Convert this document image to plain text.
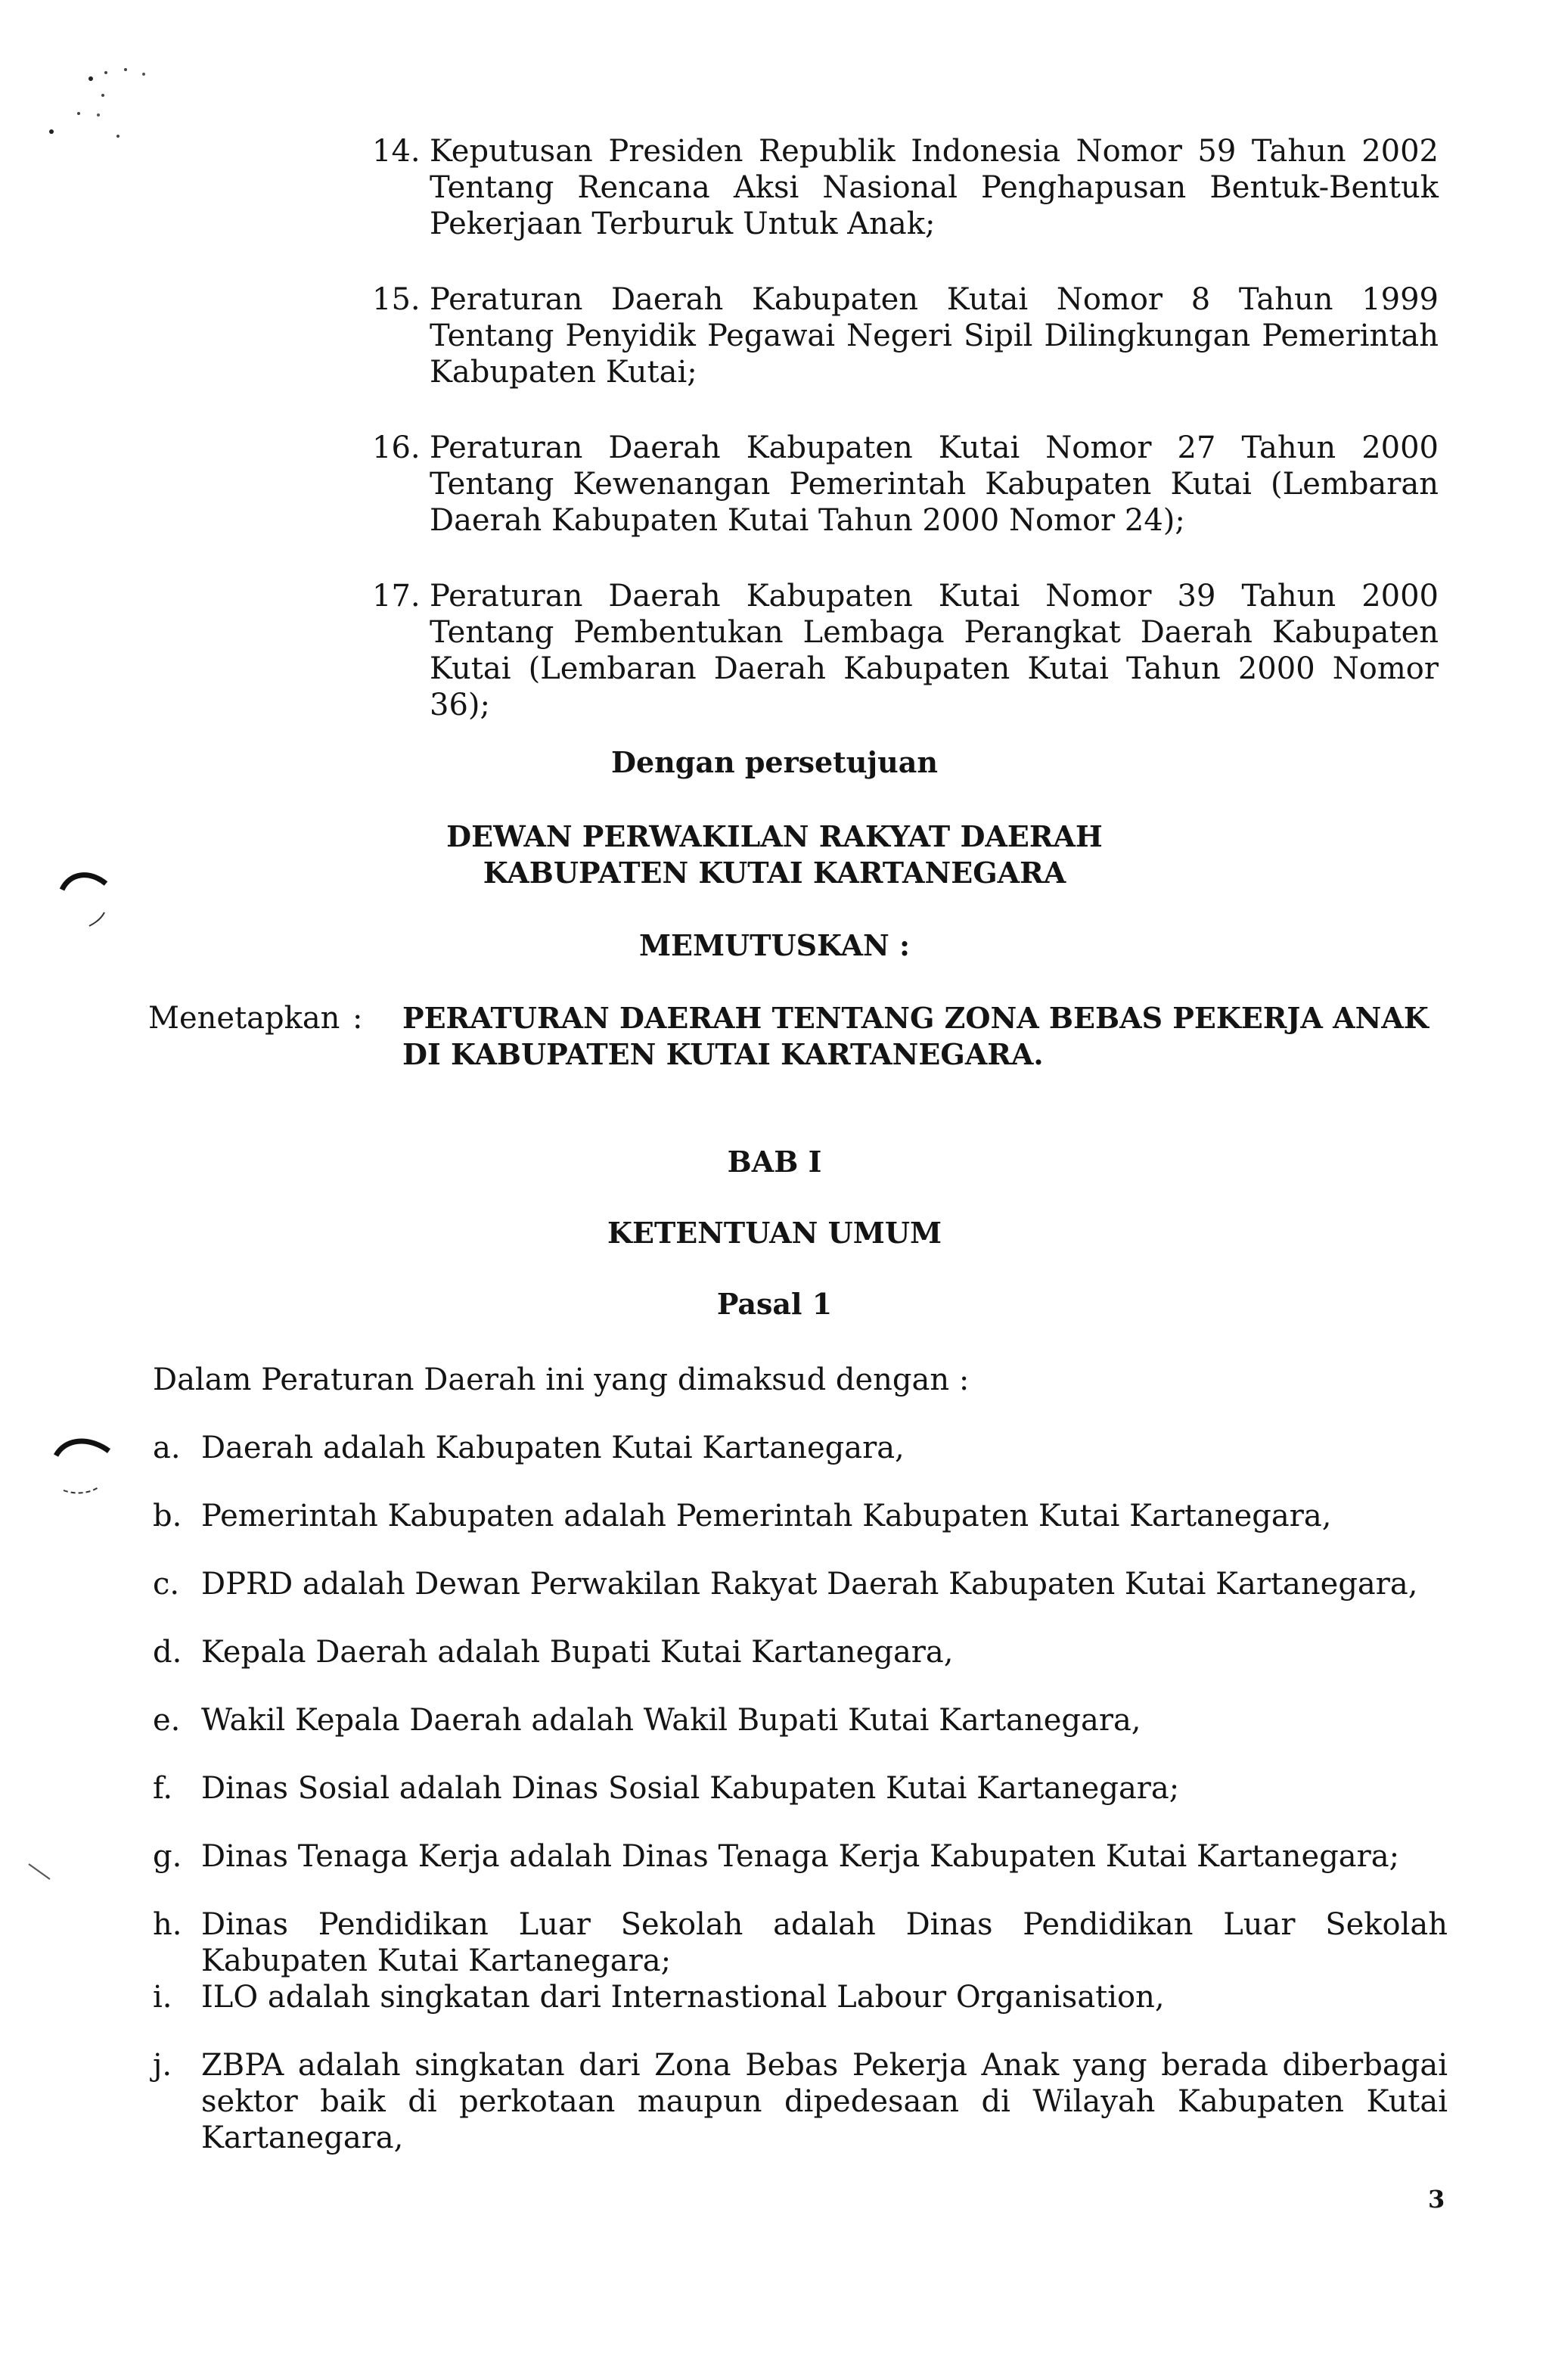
14. Keputusan Presiden Republik Indonesia Nomor 59 Tahun 2002 Tentang Rencana Aksi Nasional Penghapusan Bentuk-Bentuk Pekerjaan Terburuk Untuk Anak;
15. Peraturan Daerah Kabupaten Kutai Nomor 8 Tahun 1999 Tentang Penyidik Pegawai Negeri Sipil Dilingkungan Pemerintah Kabupaten Kutai;
16. Peraturan Daerah Kabupaten Kutai Nomor 27 Tahun 2000 Tentang Kewenangan Pemerintah Kabupaten Kutai (Lembaran Daerah Kabupaten Kutai Tahun 2000 Nomor 24);
17. Peraturan Daerah Kabupaten Kutai Nomor 39 Tahun 2000 Tentang Pembentukan Lembaga Perangkat Daerah Kabupaten Kutai (Lembaran Daerah Kabupaten Kutai Tahun 2000 Nomor 36);
Dengan persetujuan
DEWAN PERWAKILAN RAKYAT DAERAH
KABUPATEN KUTAI KARTANEGARA
MEMUTUSKAN :
Menetapkan :	PERATURAN DAERAH TENTANG ZONA BEBAS PEKERJA ANAK
DI KABUPATEN KUTAI KARTANEGARA.
BAB I
KETENTUAN UMUM
Pasal 1
Dalam Peraturan Daerah ini yang dimaksud dengan :
a. Daerah adalah Kabupaten Kutai Kartanegara,
b. Pemerintah Kabupaten adalah Pemerintah Kabupaten Kutai Kartanegara,
c. DPRD adalah Dewan Perwakilan Rakyat Daerah Kabupaten Kutai Kartanegara,
d. Kepala Daerah adalah Bupati Kutai Kartanegara,
e. Wakil Kepala Daerah adalah Wakil Bupati Kutai Kartanegara,
f. Dinas Sosial adalah Dinas Sosial Kabupaten Kutai Kartanegara;
g. Dinas Tenaga Kerja adalah Dinas Tenaga Kerja Kabupaten Kutai Kartanegara;
h. Dinas Pendidikan Luar Sekolah adalah Dinas Pendidikan Luar Sekolah Kabupaten Kutai Kartanegara;
i. ILO adalah singkatan dari Internastional Labour Organisation,
j. ZBPA adalah singkatan dari Zona Bebas Pekerja Anak yang berada diberbagai sektor baik di perkotaan maupun dipedesaan di Wilayah Kabupaten Kutai Kartanegara,
3
